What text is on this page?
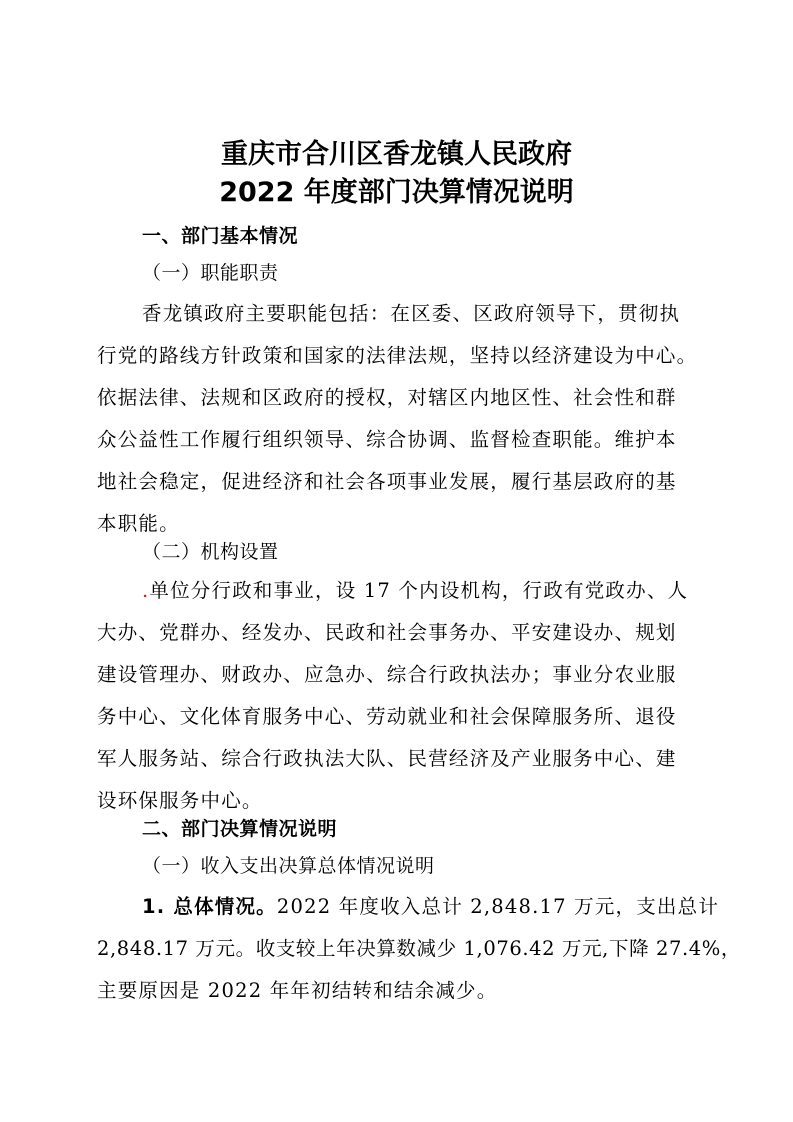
重庆市合川区香龙镇人民政府
2022 年度部门决算情况说明
一、部门基本情况
（一）职能职责
香龙镇政府主要职能包括：在区委、区政府领导下，贯彻执
行党的路线方针政策和国家的法律法规，坚持以经济建设为中心。
依据法律、法规和区政府的授权，对辖区内地区性、社会性和群
众公益性工作履行组织领导、综合协调、监督检查职能。维护本
地社会稳定，促进经济和社会各项事业发展，履行基层政府的基
本职能。
（二）机构设置
.单位分行政和事业，设 17 个内设机构，行政有党政办、人
大办、党群办、经发办、民政和社会事务办、平安建设办、规划
建设管理办、财政办、应急办、综合行政执法办；事业分农业服
务中心、文化体育服务中心、劳动就业和社会保障服务所、退役
军人服务站、综合行政执法大队、民营经济及产业服务中心、建
设环保服务中心。
二、部门决算情况说明
（一）收入支出决算总体情况说明
1. 总体情况。2022 年度收入总计 2,848.17 万元，支出总计
2,848.17 万元。收支较上年决算数减少 1,076.42 万元,下降 27.4%，
主要原因是 2022 年年初结转和结余减少。
